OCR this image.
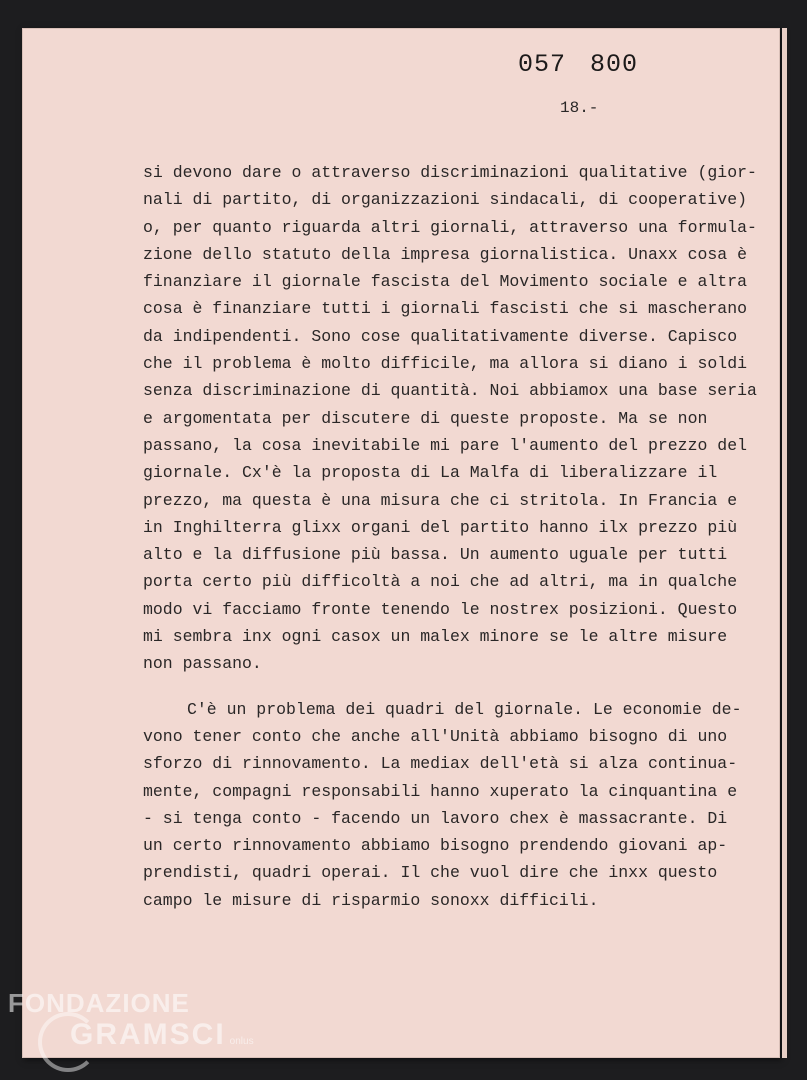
057 800
18.-
si devono dare o attraverso discriminazioni qualitative (gior-
nali di partito, di organizzazioni sindacali, di cooperative)
o, per quanto riguarda altri giornali, attraverso una formula-
zione dello statuto della impresa giornalistica. Unaxx cosa è
finanzìare il giornale fascista del Movimento sociale e altra
cosa è finanziare tutti i giornali fascisti che si mascherano
da indipendenti. Sono cose qualitativamente diverse. Capisco
che il problema è molto difficile, ma allora si diano i soldi
senza discriminazione di quantità. Noi abbiamox una base seria
e argomentata per discutere di queste proposte. Ma se non
passano, la cosa inevitabile mi pare l'aumento del prezzo del
giornale. Cx'è la proposta di La Malfa di liberalizzare il
prezzo, ma questa è una misura che ci stritola. In Francia e
in Inghilterra glixx organi del partito hanno ilx prezzo più
alto e la diffusione più bassa. Un aumento uguale per tutti
porta certo più difficoltà a noi che ad altri, ma in qualche
modo vi facciamo fronte tenendo le nostrex posizioni. Questo
mi sembra inx ogni casox un malex minore se le altre misure
non passano.
C'è un problema dei quadri del giornale. Le economie de-
vono tener conto che anche all'Unità abbiamo bisogno di uno
sforzo di rinnovamento. La mediax dell'età si alza continua-
mente, compagni responsabili hanno xuperato la cinquantina e
- si tenga conto - facendo un lavoro chex è massacrante. Di
un certo rinnovamento abbiamo bisogno prendendo giovani ap-
prendisti, quadri operai. Il che vuol dire che inxx questo
campo le misure di risparmio sonoxx difficili.
FONDAZIONE
GRAMSCI onlus
